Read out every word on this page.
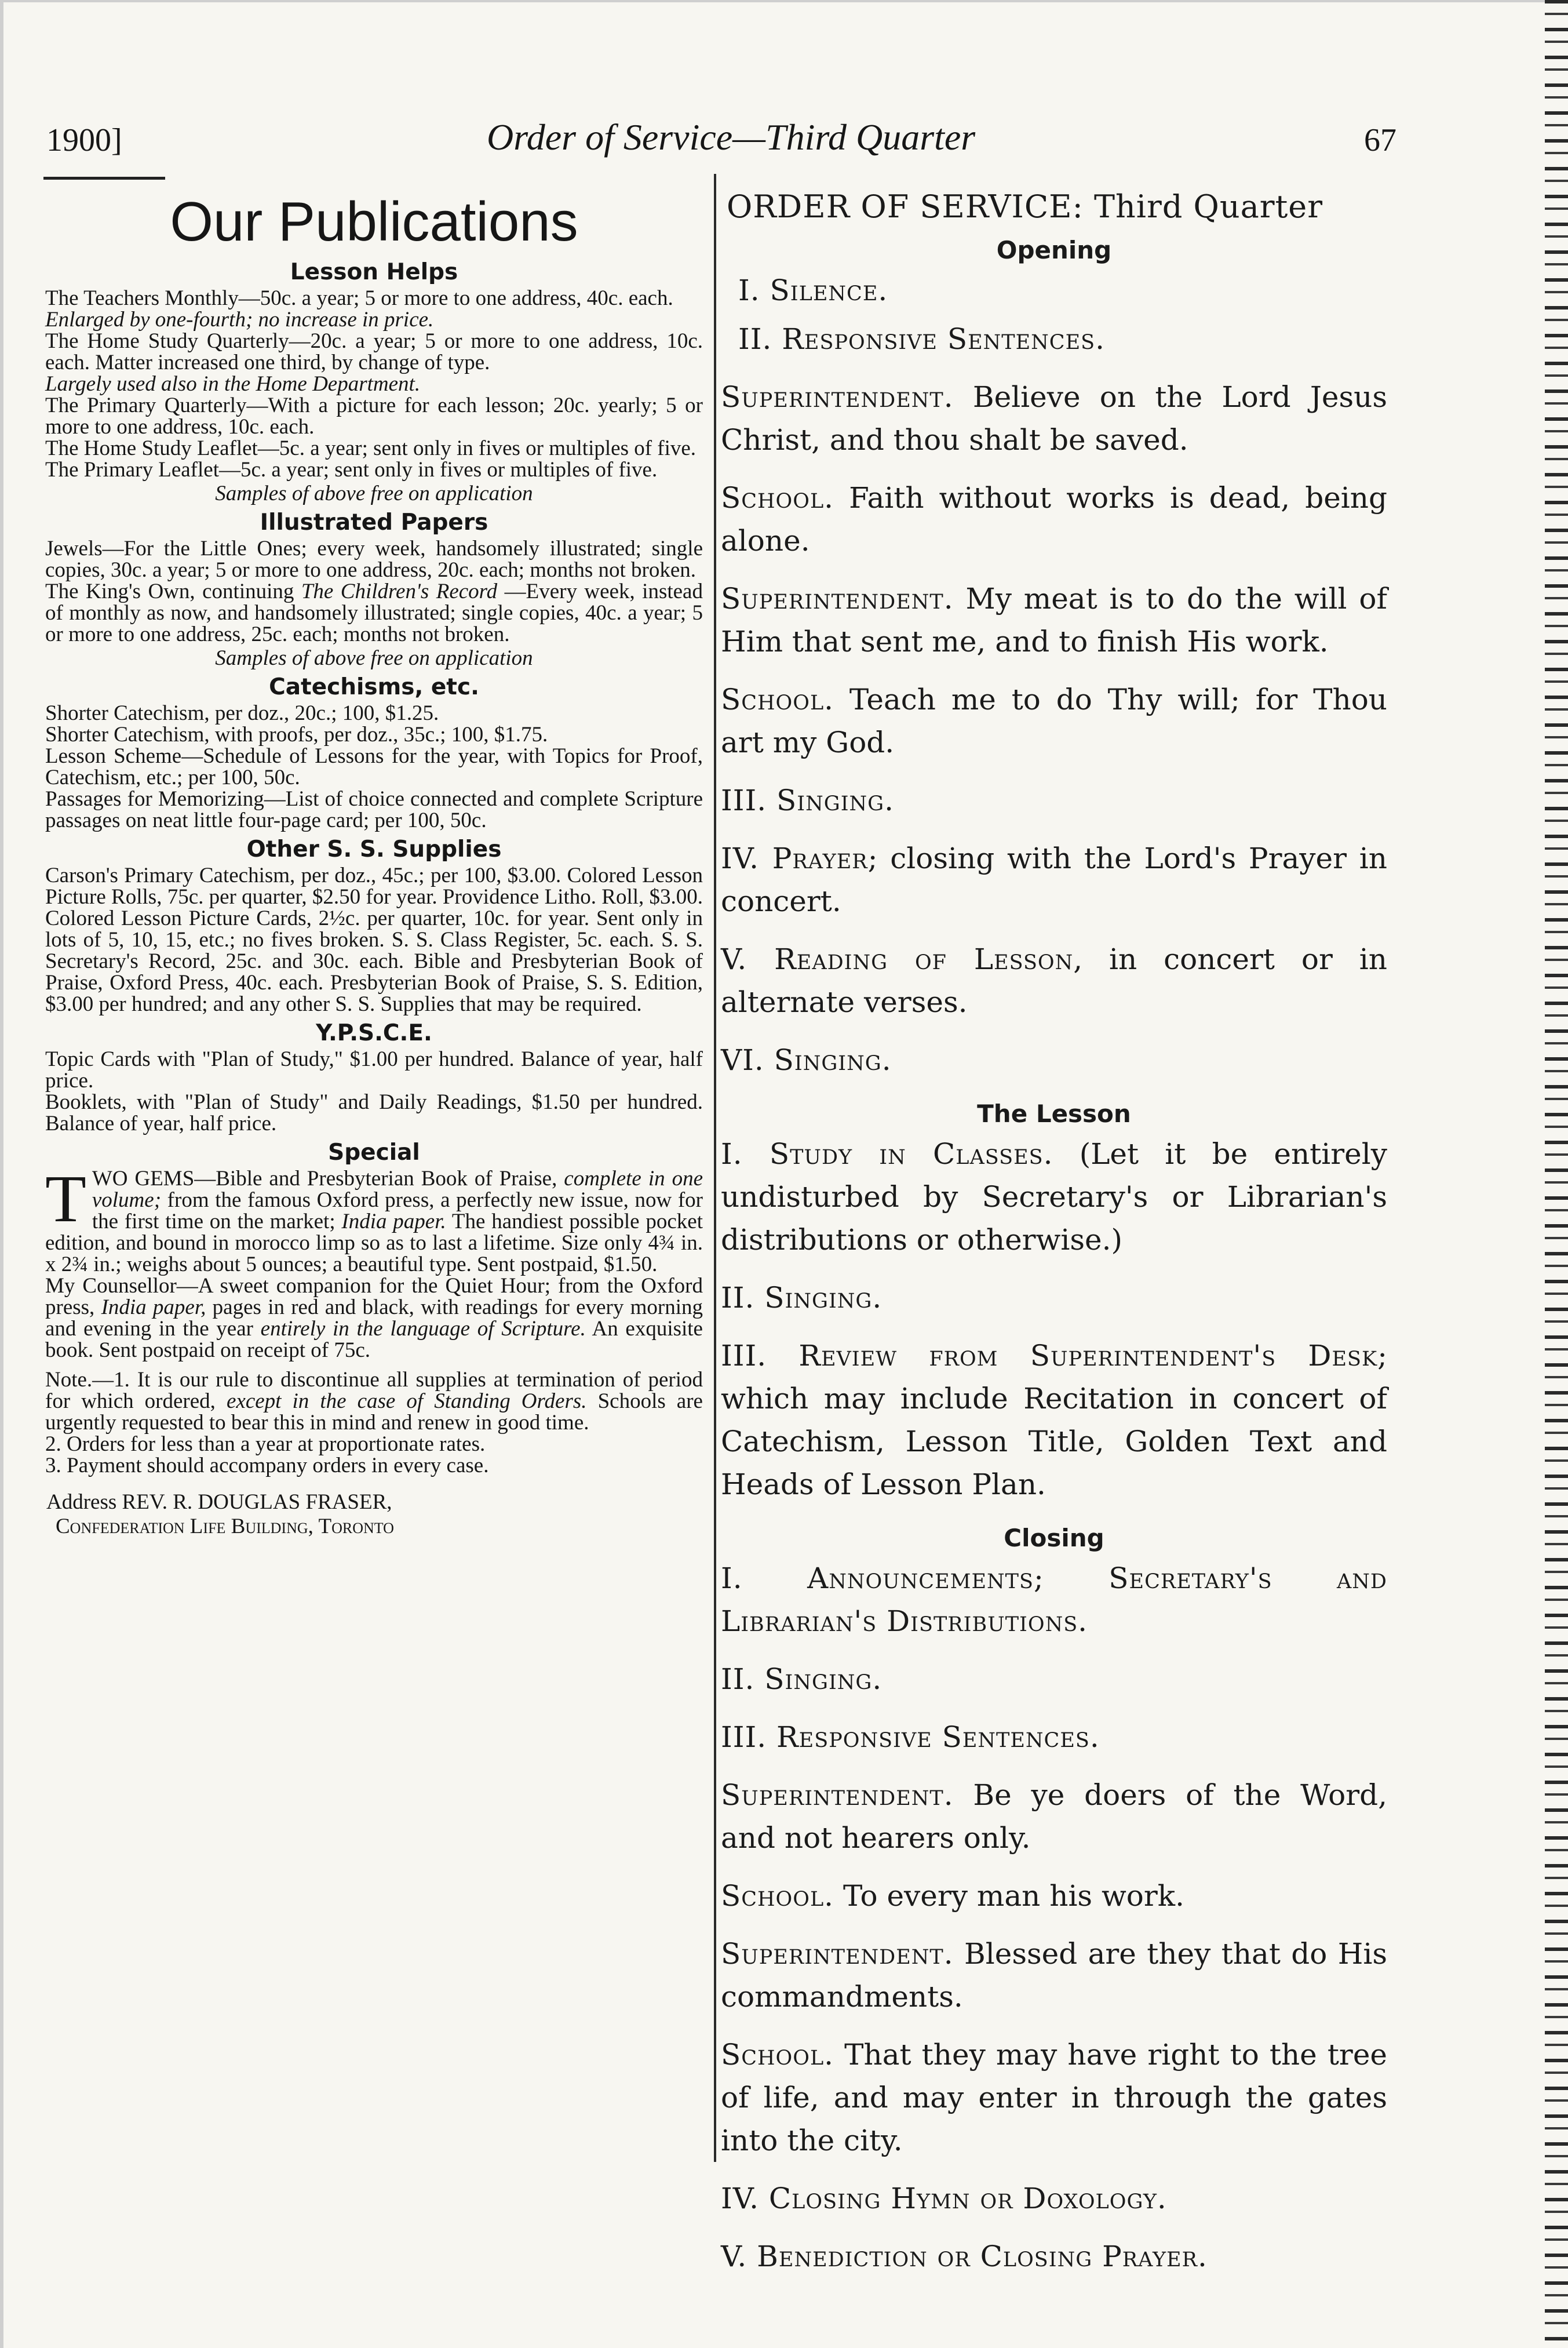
1900]	Order of Service—Third Quarter	67
Our Publications
Lesson Helps

The Teachers Monthly—50c. a year; 5 or more to one address, 40c. each.

Enlarged by one-fourth; no increase in price.

The Home Study Quarterly—20c. a year; 5 or more to one address, 10c. each. Matter increased one third, by change of type.

Largely used also in the Home Department.

The Primary Quarterly—With a picture for each lesson; 20c. yearly; 5 or more to one address, 10c. each.

The Home Study Leaflet—5c. a year; sent only in fives or multiples of five.

The Primary Leaflet—5c. a year; sent only in fives or multiples of five.

Samples of above free on application
Illustrated Papers

Jewels—For the Little Ones; every week, handsomely illustrated; single copies, 30c. a year; 5 or more to one address, 20c. each; months not broken.

The King's Own, continuing The Children's Record —Every week, instead of monthly as now, and handsomely illustrated; single copies, 40c. a year; 5 or more to one address, 25c. each; months not broken.

Samples of above free on application
Catechisms, etc.

Shorter Catechism, per doz., 20c.; 100, $1.25.

Shorter Catechism, with proofs, per doz., 35c.; 100, $1.75.

Lesson Scheme—Schedule of Lessons for the year, with Topics for Proof, Catechism, etc.; per 100, 50c.

Passages for Memorizing—List of choice connected and complete Scripture passages on neat little four-page card; per 100, 50c.

Other S. S. Supplies

Carson's Primary Catechism, per doz., 45c.; per 100, $3.00. Colored Lesson Picture Rolls, 75c. per quarter, $2.50 for year. Providence Litho. Roll, $3.00. Colored Lesson Picture Cards, 2½c. per quarter, 10c. for year. Sent only in lots of 5, 10, 15, etc.; no fives broken. S. S. Class Register, 5c. each. S. S. Secretary's Record, 25c. and 30c. each. Bible and Presbyterian Book of Praise, Oxford Press, 40c. each. Presbyterian Book of Praise, S. S. Edition, $3.00 per hundred; and any other S. S. Supplies that may be required.

Y.P.S.C.E.

Topic Cards with "Plan of Study," $1.00 per hundred. Balance of year, half price.

Booklets, with "Plan of Study" and Daily Readings, $1.50 per hundred. Balance of year, half price.

Special
T WO GEMS—Bible and Presbyterian Book of Praise, complete in one volume; from the famous Oxford press, a perfectly new issue, now for the first time on the market; India paper. The handiest possible pocket edition, and bound in morocco limp so as to last a lifetime. Size only 4¾ in. x 2¾ in.; weighs about 5 ounces; a beautiful type. Sent postpaid, $1.50.

My Counsellor—A sweet companion for the Quiet Hour; from the Oxford press, India paper, pages in red and black, with readings for every morning and evening in the year entirely in the language of Scripture. An exquisite book. Sent postpaid on receipt of 75c.

Note.—1. It is our rule to discontinue all supplies at termination of period for which ordered, except in the case of Standing Orders. Schools are urgently requested to bear this in mind and renew in good time.

2. Orders for less than a year at proportionate rates.

3. Payment should accompany orders in every case.

Address REV. R. DOUGLAS FRASER,
Confederation Life Building, Toronto
ORDER OF SERVICE: Third Quarter
Opening
I. Silence.
II. Responsive Sentences.
Superintendent. Believe on the Lord Jesus Christ, and thou shalt be saved.
School. Faith without works is dead, being alone.
Superintendent. My meat is to do the will of Him that sent me, and to finish His work.
School. Teach me to do Thy will; for Thou art my God.
III. Singing.
IV. Prayer; closing with the Lord's Prayer in concert.
V. Reading of Lesson, in concert or in alternate verses.
VI. Singing.
The Lesson
I. Study in Classes. (Let it be entirely undisturbed by Secretary's or Librarian's distributions or otherwise.)
II. Singing.
III. Review from Superintendent's Desk; which may include Recitation in concert of Catechism, Lesson Title, Golden Text and Heads of Lesson Plan.
Closing
I. Announcements; Secretary's and Librarian's Distributions.
II. Singing.
III. Responsive Sentences.
Superintendent. Be ye doers of the Word, and not hearers only.
School. To every man his work.
Superintendent. Blessed are they that do His commandments.
School. That they may have right to the tree of life, and may enter in through the gates into the city.
IV. Closing Hymn or Doxology.
V. Benediction or Closing Prayer.
